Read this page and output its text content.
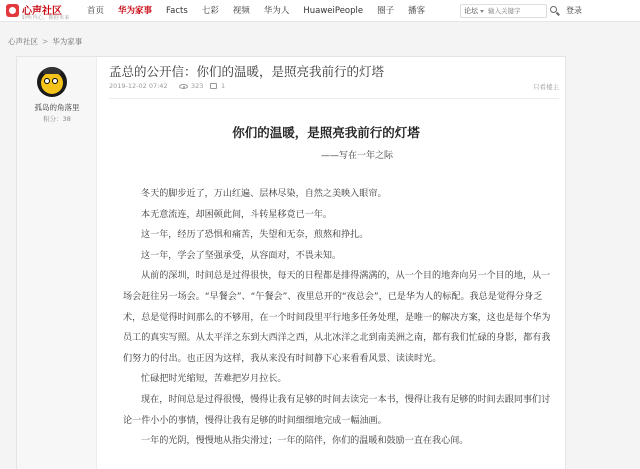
心声社区
聆听内心，拥抱未来
首页	华为家事	Facts	七彩	视频	华为人	HuaweiPeople	圈子	播客	论坛
输入关键字	登录
心声社区 > 华为家事
孤岛的角落里
积分：38
孟总的公开信：你们的温暖，是照亮我前行的灯塔
2019-12-02 07:42	323	1	只看楼主
你们的温暖，是照亮我前行的灯塔
——写在一年之际

冬天的脚步近了，万山红遍、层林尽染，自然之美映入眼帘。

本无意流连，却困顿此间，斗转星移竟已一年。

这一年，经历了恐惧和痛苦，失望和无奈，煎熬和挣扎。

这一年，学会了坚强承受，从容面对，不畏未知。

从前的深圳，时间总是过得很快，每天的日程都是排得满满的，从一个目的地奔向另一个目的地，从一场会赶往另一场会。“早餐会”、“午餐会”、夜里总开的“夜总会”，已是华为人的标配。我总是觉得分身乏术，总是觉得时间那么的不够用，在一个时间段里平行地多任务处理，是唯一的解决方案，这也是每个华为员工的真实写照。从太平洋之东到大西洋之西，从北冰洋之北到南美洲之南，都有我们忙碌的身影，都有我们努力的付出。也正因为这样，我从来没有时间静下心来看看风景、读读时光。

忙碌把时光缩短，苦难把岁月拉长。

现在，时间总是过得很慢，慢得让我有足够的时间去读完一本书，慢得让我有足够的时间去跟同事们讨论一件小小的事情，慢得让我有足够的时间细细地完成一幅油画。

一年的光阴，慢慢地从指尖滑过；一年的陪伴，你们的温暖和鼓励一直在我心间。
